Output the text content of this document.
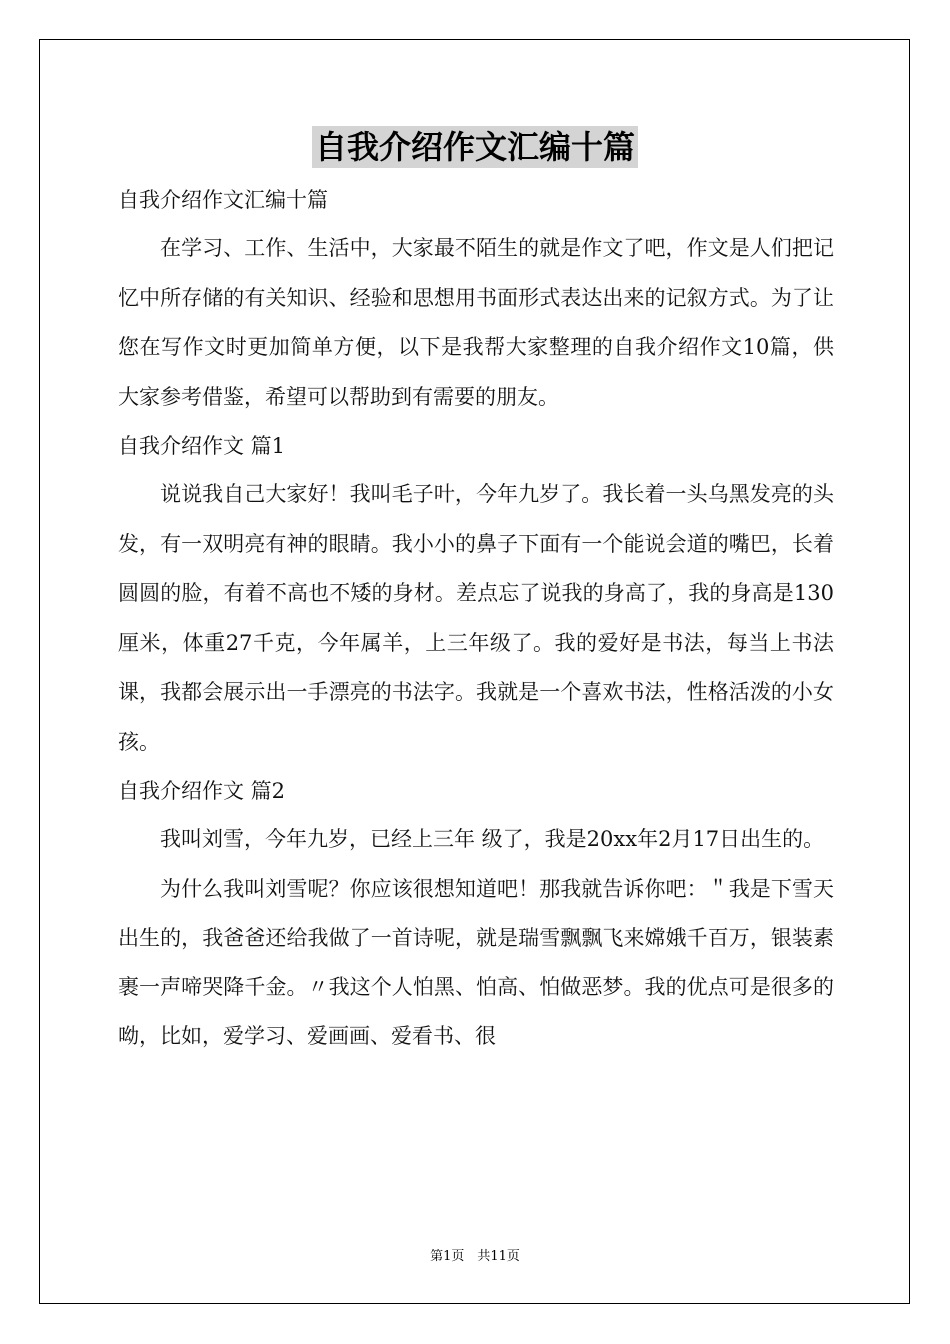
自我介绍作文汇编十篇

自我介绍作文汇编十篇

在学习、工作、生活中，大家最不陌生的就是作文了吧，作文是人们把记忆中所存储的有关知识、经验和思想用书面形式表达出来的记叙方式。为了让您在写作文时更加简单方便，以下是我帮大家整理的自我介绍作文10篇，供大家参考借鉴，希望可以帮助到有需要的朋友。

自我介绍作文 篇1

说说我自己大家好！我叫毛子叶，今年九岁了。我长着一头乌黑发亮的头发，有一双明亮有神的眼睛。我小小的鼻子下面有一个能说会道的嘴巴，长着圆圆的脸，有着不高也不矮的身材。差点忘了说我的身高了，我的身高是130厘米，体重27千克，今年属羊，上三年级了。我的爱好是书法，每当上书法课，我都会展示出一手漂亮的书法字。我就是一个喜欢书法，性格活泼的小女孩。

自我介绍作文 篇2

我叫刘雪，今年九岁，已经上三年 级了，我是20xx年2月17日出生的。

为什么我叫刘雪呢？你应该很想知道吧！那我就告诉你吧：＂我是下雪天出生的，我爸爸还给我做了一首诗呢，就是瑞雪飘飘飞来嫦娥千百万，银装素裹一声啼哭降千金。〃我这个人怕黑、怕高、怕做恶梦。我的优点可是很多的呦，比如，爱学习、爱画画、爱看书、很

第1页　共11页
